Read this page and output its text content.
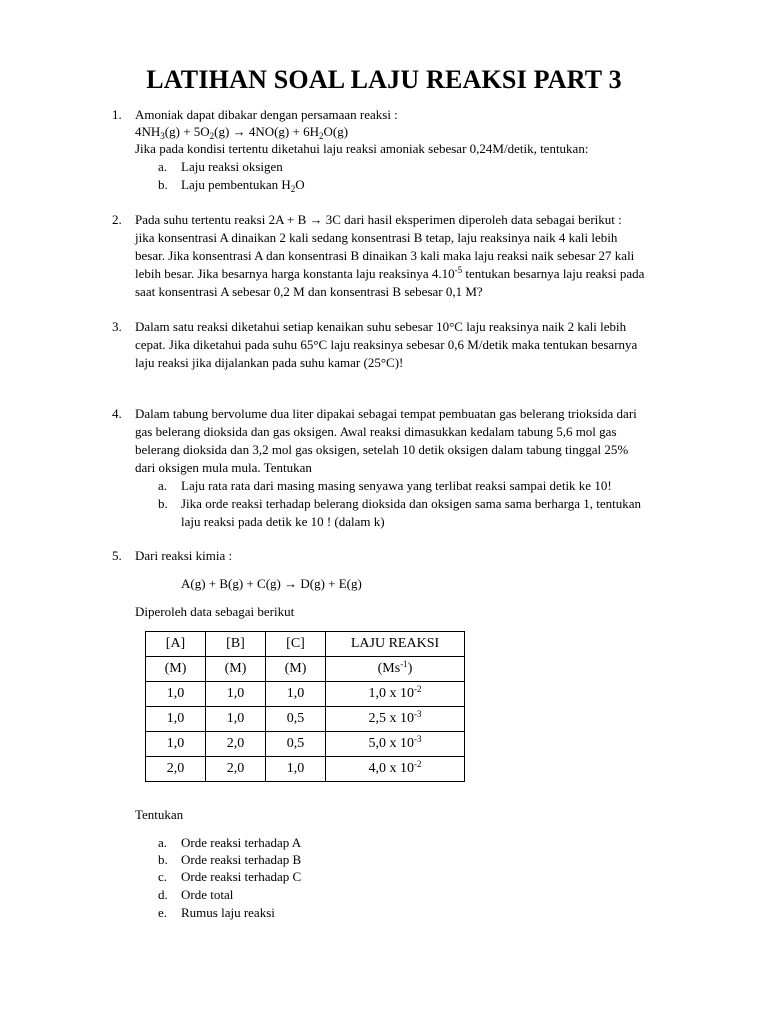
LATIHAN SOAL LAJU REAKSI PART 3
1. Amoniak dapat dibakar dengan persamaan reaksi :
$4NH_3(g) + 5O_2(g) \to 4NO(g) + 6H_2O(g)$
Jika pada kondisi tertentu diketahui laju reaksi amoniak sebesar 0,24M/detik, tentukan:
a. Laju reaksi oksigen
b. Laju pembentukan $H_2O$
2. Pada suhu tertentu reaksi 2A + B → 3C dari hasil eksperimen diperoleh data sebagai berikut :
jika konsentrasi A dinaikan 2 kali sedang konsentrasi B tetap, laju reaksinya naik 4 kali lebih
besar. Jika konsentrasi A dan konsentrasi B dinaikan 3 kali maka laju reaksi naik sebesar 27 kali
lebih besar. Jika besarnya harga konstanta laju reaksinya $4.10^{-5}$ tentukan besarnya laju reaksi pada
saat konsentrasi A sebesar 0,2 M dan konsentrasi B sebesar 0,1 M?
3. Dalam satu reaksi diketahui setiap kenaikan suhu sebesar 10°C laju reaksinya naik 2 kali lebih
cepat. Jika diketahui pada suhu 65°C laju reaksinya sebesar 0,6 M/detik maka tentukan besarnya
laju reaksi jika dijalankan pada suhu kamar (25°C)!
4. Dalam tabung bervolume dua liter dipakai sebagai tempat pembuatan gas belerang trioksida dari
gas belerang dioksida dan gas oksigen. Awal reaksi dimasukkan kedalam tabung 5,6 mol gas
belerang dioksida dan 3,2 mol gas oksigen, setelah 10 detik oksigen dalam tabung tinggal 25%
dari oksigen mula mula. Tentukan
a. Laju rata rata dari masing masing senyawa yang terlibat reaksi sampai detik ke 10!
b. Jika orde reaksi terhadap belerang dioksida dan oksigen sama sama berharga 1, tentukan
laju reaksi pada detik ke 10 ! (dalam k)
5. Dari reaksi kimia :
A(g) + B(g) + C(g) → D(g) + E(g)
Diperoleh data sebagai berikut
[A]	[B]	[C]	LAJU REAKSI
(M)	(M)	(M)	$(Ms^{-1})$
1,0	1,0	1,0	1,0 x $10^{-2}$
1,0	1,0	0,5	2,5 x $10^{-3}$
1,0	2,0	0,5	5,0 x $10^{-3}$
2,0	2,0	1,0	4,0 x $10^{-2}$
Tentukan
a. Orde reaksi terhadap A
b. Orde reaksi terhadap B
c. Orde reaksi terhadap C
d. Orde total
e. Rumus laju reaksi
